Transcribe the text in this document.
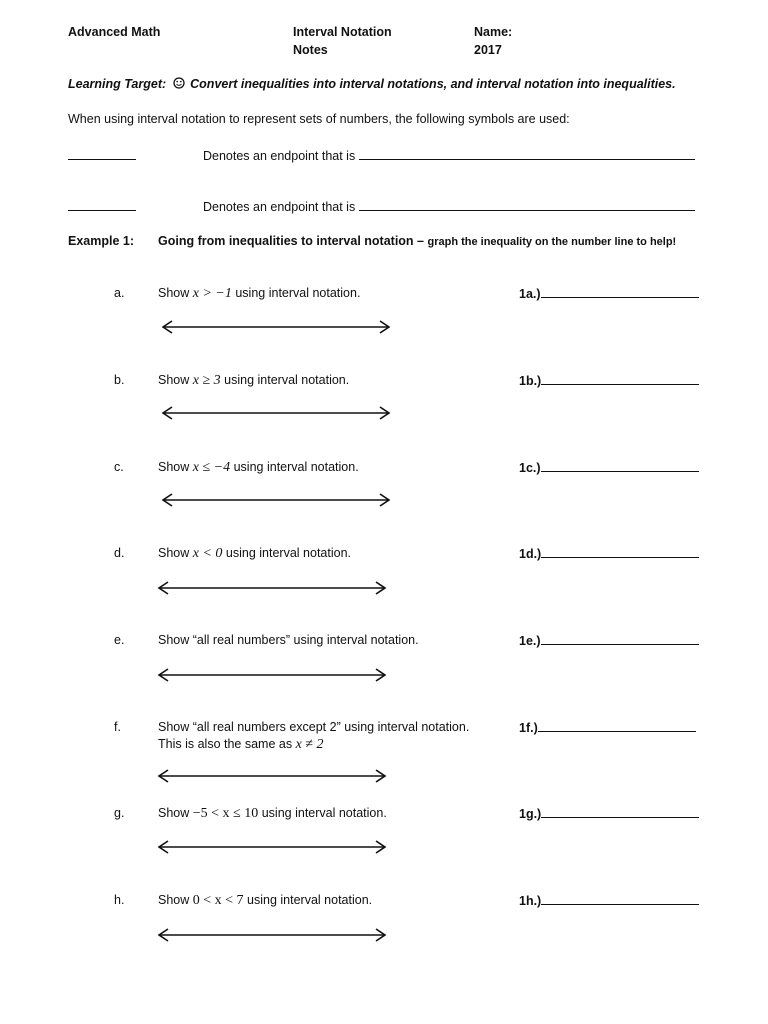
Advanced Math	Interval Notation
Notes
Name:
2017
Learning Target: Convert inequalities into interval notations, and interval notation into inequalities.
When using interval notation to represent sets of numbers, the following symbols are used:
Denotes an endpoint that is
Denotes an endpoint that is
Example 1: Going from inequalities to interval notation – graph the inequality on the number line to help!
a.	Show x > −1 using interval notation.	1a.)
b.	Show x ≥ 3 using interval notation.	1b.)
c.	Show x ≤ −4 using interval notation.	1c.)
d.	Show x < 0 using interval notation.	1d.)
e.	Show “all real numbers” using interval notation.	1e.)
f.	Show “all real numbers except 2” using interval notation.
This is also the same as x ≠ 2
1f.)
g.	Show −5 < x ≤ 10 using interval notation.	1g.)
h.	Show 0 < x < 7 using interval notation.	1h.)
